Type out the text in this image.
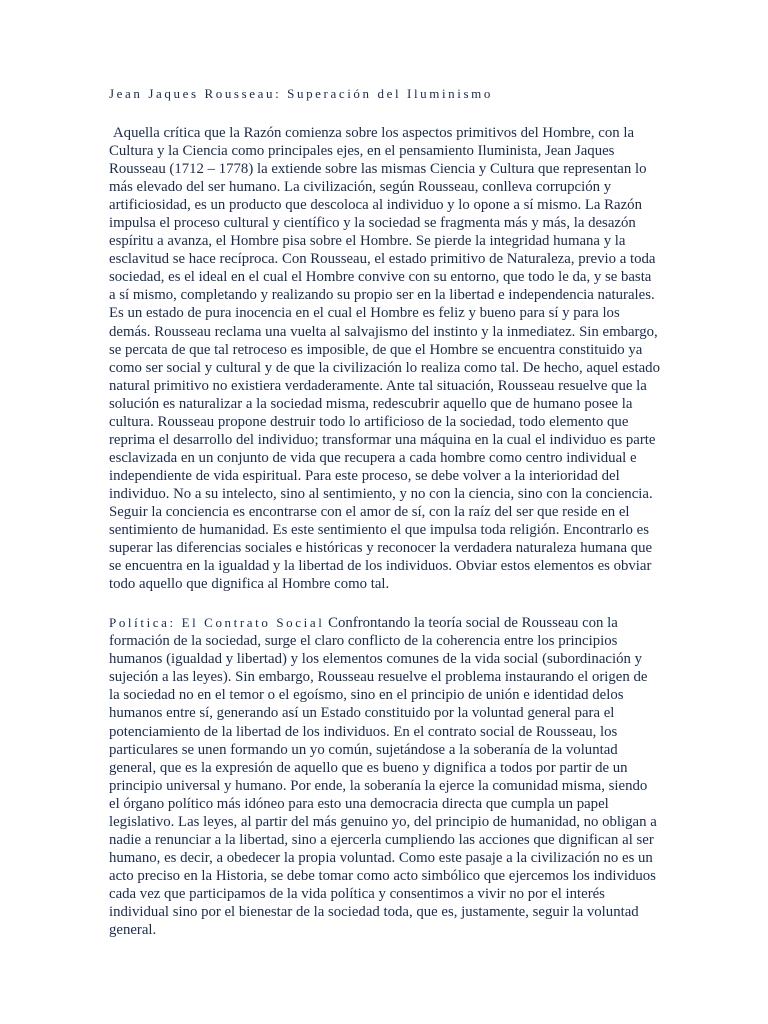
Jean Jaques Rousseau: Superación del Iluminismo

Aquella crítica que la Razón comienza sobre los aspectos primitivos del Hombre, con la Cultura y la Ciencia como principales ejes, en el pensamiento Iluminista, Jean Jaques Rousseau (1712 – 1778) la extiende sobre las mismas Ciencia y Cultura que representan lo más elevado del ser humano. La civilización, según Rousseau, conlleva corrupción y artificiosidad, es un producto que descoloca al individuo y lo opone a sí mismo. La Razón impulsa el proceso cultural y científico y la sociedad se fragmenta más y más, la desazón espíritu a avanza, el Hombre pisa sobre el Hombre. Se pierde la integridad humana y la esclavitud se hace recíproca. Con Rousseau, el estado primitivo de Naturaleza, previo a toda sociedad, es el ideal en el cual el Hombre convive con su entorno, que todo le da, y se basta a sí mismo, completando y realizando su propio ser en la libertad e independencia naturales. Es un estado de pura inocencia en el cual el Hombre es feliz y bueno para sí y para los demás. Rousseau reclama una vuelta al salvajismo del instinto y la inmediatez. Sin embargo, se percata de que tal retroceso es imposible, de que el Hombre se encuentra constituido ya como ser social y cultural y de que la civilización lo realiza como tal. De hecho, aquel estado natural primitivo no existiera verdaderamente. Ante tal situación, Rousseau resuelve que la solución es naturalizar a la sociedad misma, redescubrir aquello que de humano posee la cultura. Rousseau propone destruir todo lo artificioso de la sociedad, todo elemento que reprima el desarrollo del individuo; transformar una máquina en la cual el individuo es parte esclavizada en un conjunto de vida que recupera a cada hombre como centro individual e independiente de vida espiritual. Para este proceso, se debe volver a la interioridad del individuo. No a su intelecto, sino al sentimiento, y no con la ciencia, sino con la conciencia. Seguir la conciencia es encontrarse con el amor de sí, con la raíz del ser que reside en el sentimiento de humanidad. Es este sentimiento el que impulsa toda religión. Encontrarlo es superar las diferencias sociales e históricas y reconocer la verdadera naturaleza humana que se encuentra en la igualdad y la libertad de los individuos. Obviar estos elementos es obviar todo aquello que dignifica al Hombre como tal.

Política: El Contrato Social Confrontando la teoría social de Rousseau con la formación de la sociedad, surge el claro conflicto de la coherencia entre los principios humanos (igualdad y libertad) y los elementos comunes de la vida social (subordinación y sujeción a las leyes). Sin embargo, Rousseau resuelve el problema instaurando el origen de la sociedad no en el temor o el egoísmo, sino en el principio de unión e identidad delos humanos entre sí, generando así un Estado constituido por la voluntad general para el potenciamiento de la libertad de los individuos. En el contrato social de Rousseau, los particulares se unen formando un yo común, sujetándose a la soberanía de la voluntad general, que es la expresión de aquello que es bueno y dignifica a todos por partir de un principio universal y humano. Por ende, la soberanía la ejerce la comunidad misma, siendo el órgano político más idóneo para esto una democracia directa que cumpla un papel legislativo. Las leyes, al partir del más genuino yo, del principio de humanidad, no obligan a nadie a renunciar a la libertad, sino a ejercerla cumpliendo las acciones que dignifican al ser humano, es decir, a obedecer la propia voluntad. Como este pasaje a la civilización no es un acto preciso en la Historia, se debe tomar como acto simbólico que ejercemos los individuos cada vez que participamos de la vida política y consentimos a vivir no por el interés individual sino por el bienestar de la sociedad toda, que es, justamente, seguir la voluntad general.
